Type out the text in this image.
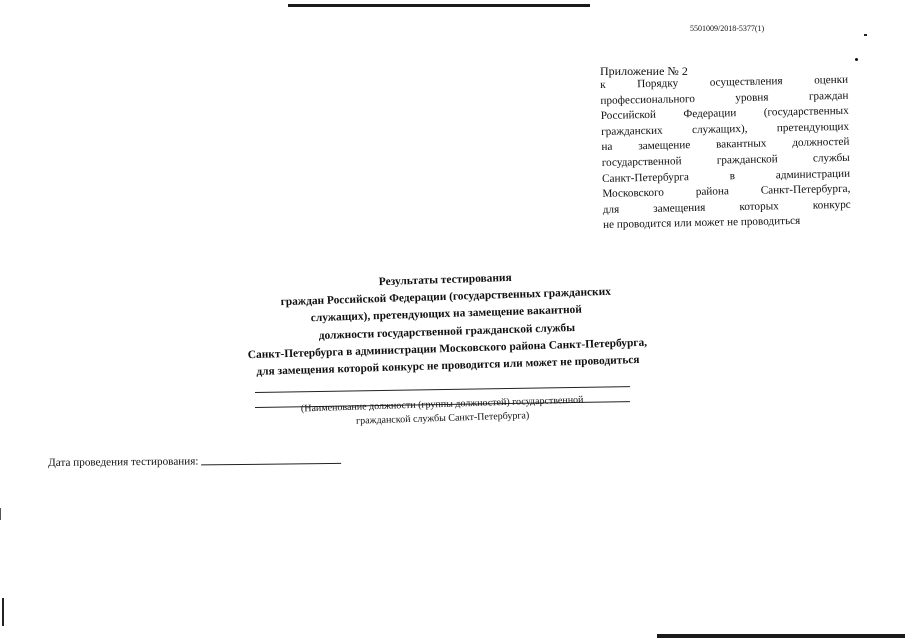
5501009/2018-5377(1)
Приложение № 2
к Порядку осуществления оценки
профессионального уровня граждан
Российской Федерации (государственных
гражданских служащих), претендующих
на замещение вакантных должностей
государственной гражданской службы
Санкт-Петербурга в администрации
Московского района Санкт-Петербурга,
для замещения которых конкурс
не проводится или может не проводиться
Результаты тестирования
граждан Российской Федерации (государственных гражданских
служащих), претендующих на замещение вакантной
должности государственной гражданской службы
Санкт-Петербурга в администрации Московского района Санкт-Петербурга,
для замещения которой конкурс не проводится или может не проводиться
(Наименование должности (группы должностей) государственной
гражданской службы Санкт-Петербурга)
Дата проведения тестирования:
